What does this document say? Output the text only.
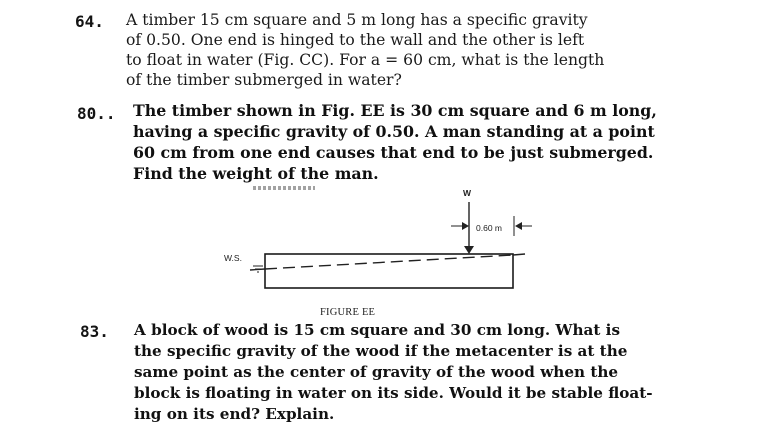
64. A timber 15 cm square and 5 m long has a specific gravity
of 0.50. One end is hinged to the wall and the other is left
to float in water (Fig. CC). For a = 60 cm, what is the length
of the timber submerged in water?
80.. The timber shown in Fig. EE is 30 cm square and 6 m long,
having a specific gravity of 0.50. A man standing at a point
60 cm from one end causes that end to be just submerged.
Find the weight of the man.
W
0.60 m
W.S.
FIGURE EE
83. A block of wood is 15 cm square and 30 cm long. What is
the specific gravity of the wood if the metacenter is at the
same point as the center of gravity of the wood when the
block is floating in water on its side. Would it be stable float-
ing on its end? Explain.
